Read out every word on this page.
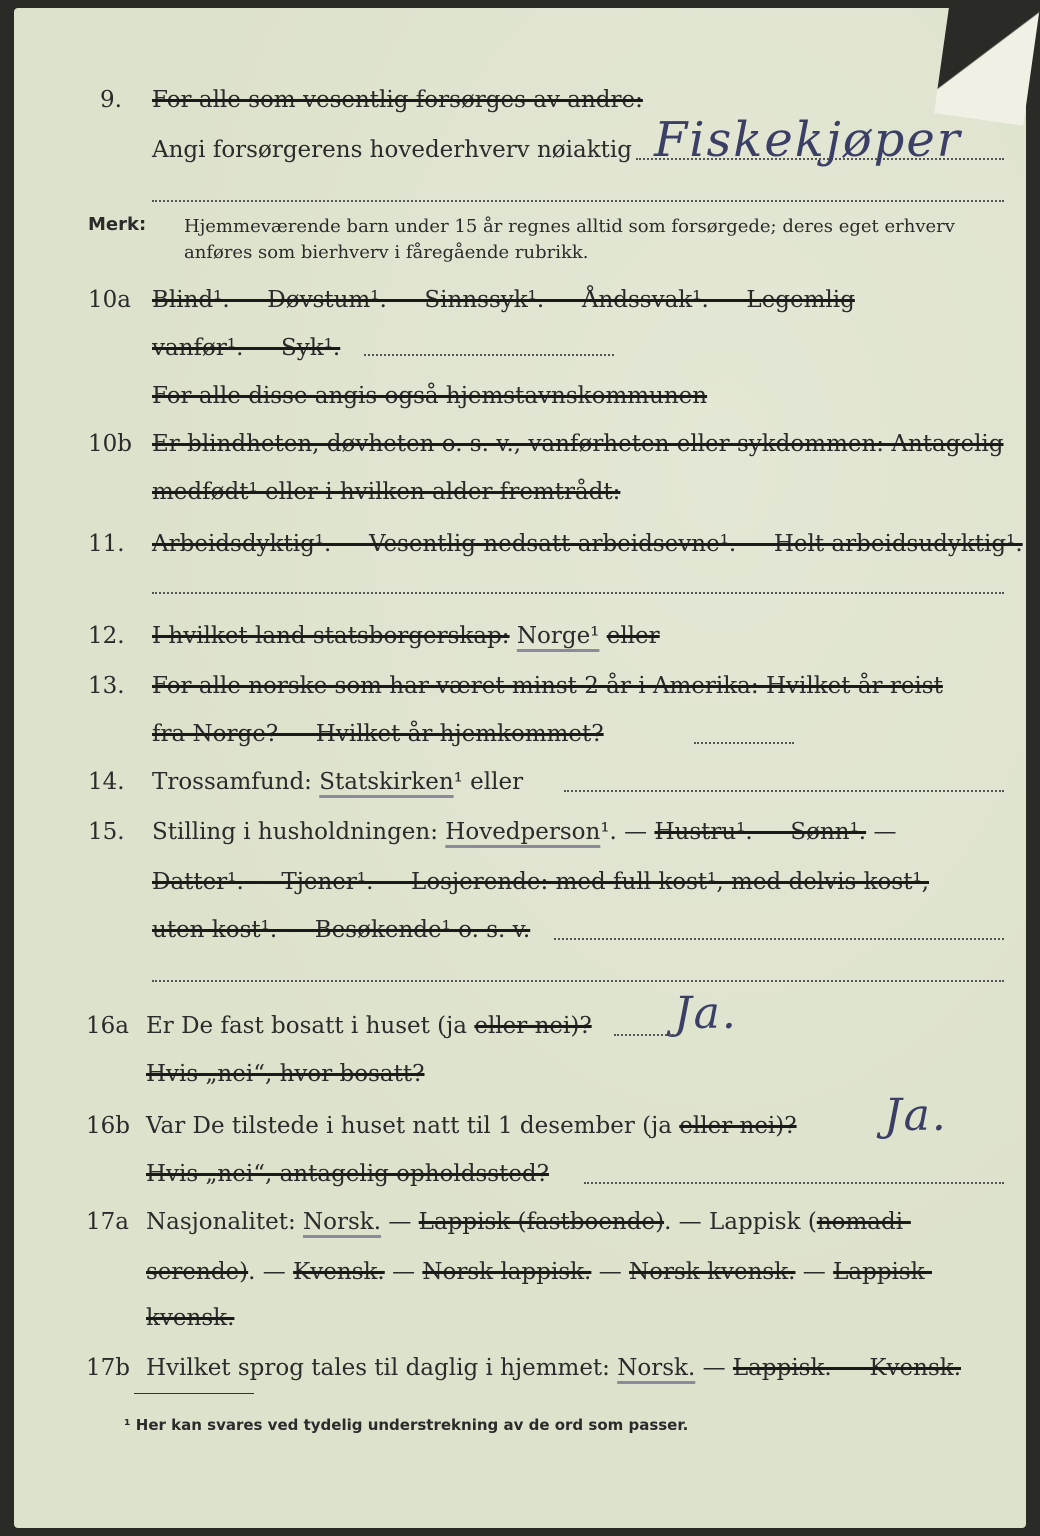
9.	For alle som vesentlig forsørges av andre:
Angi forsørgerens hovederhverv nøiaktig Fiskekjøper
Merk: Hjemmeværende barn under 15 år regnes alltid som forsørgede; deres eget erhverv
anføres som bierhverv i fåregående rubrikk.
10a Blind¹. — Døvstum¹. — Sinnssyk¹. — Åndssvak¹. — Legemlig
vanfør¹. — Syk¹.
For alle disse angis også hjemstavnskommunen
10b Er blindheten, døvheten o. s. v., vanførheten eller sykdommen: Antagelig
medfødt¹ eller i hvilken alder fremtrådt:
11.	Arbeidsdyktig¹. — Vesentlig nedsatt arbeidsevne¹. — Helt arbeidsudyktig¹.
12.	I hvilket land statsborgerskap: Norge¹ eller
13.	For alle norske som har været minst 2 år i Amerika: Hvilket år reist
fra Norge? — Hvilket år hjemkommet?
14.	Trossamfund: Statskirken¹ eller
15.	Stilling i husholdningen: Hovedperson¹. — Hustru¹. — Sønn¹. —
Datter¹. — Tjener¹. — Losjerende: med full kost¹, med delvis kost¹,
uten kost¹. — Besøkende¹ o. s. v.
16a Er De fast bosatt i huset (ja eller nei)? Ja.
Hvis „nei“, hvor bosatt?
16b Var De tilstede i huset natt til 1 desember (ja eller nei)? Ja.
Hvis „nei“, antagelig opholdssted?
17a Nasjonalitet: Norsk. — Lappisk (fastboende). — Lappisk (nomadi-
serende). — Kvensk. — Norsk-lappisk. — Norsk-kvensk. — Lappisk-
kvensk.
17b Hvilket sprog tales til daglig i hjemmet: Norsk. — Lappisk. — Kvensk.
¹ Her kan svares ved tydelig understrekning av de ord som passer.
